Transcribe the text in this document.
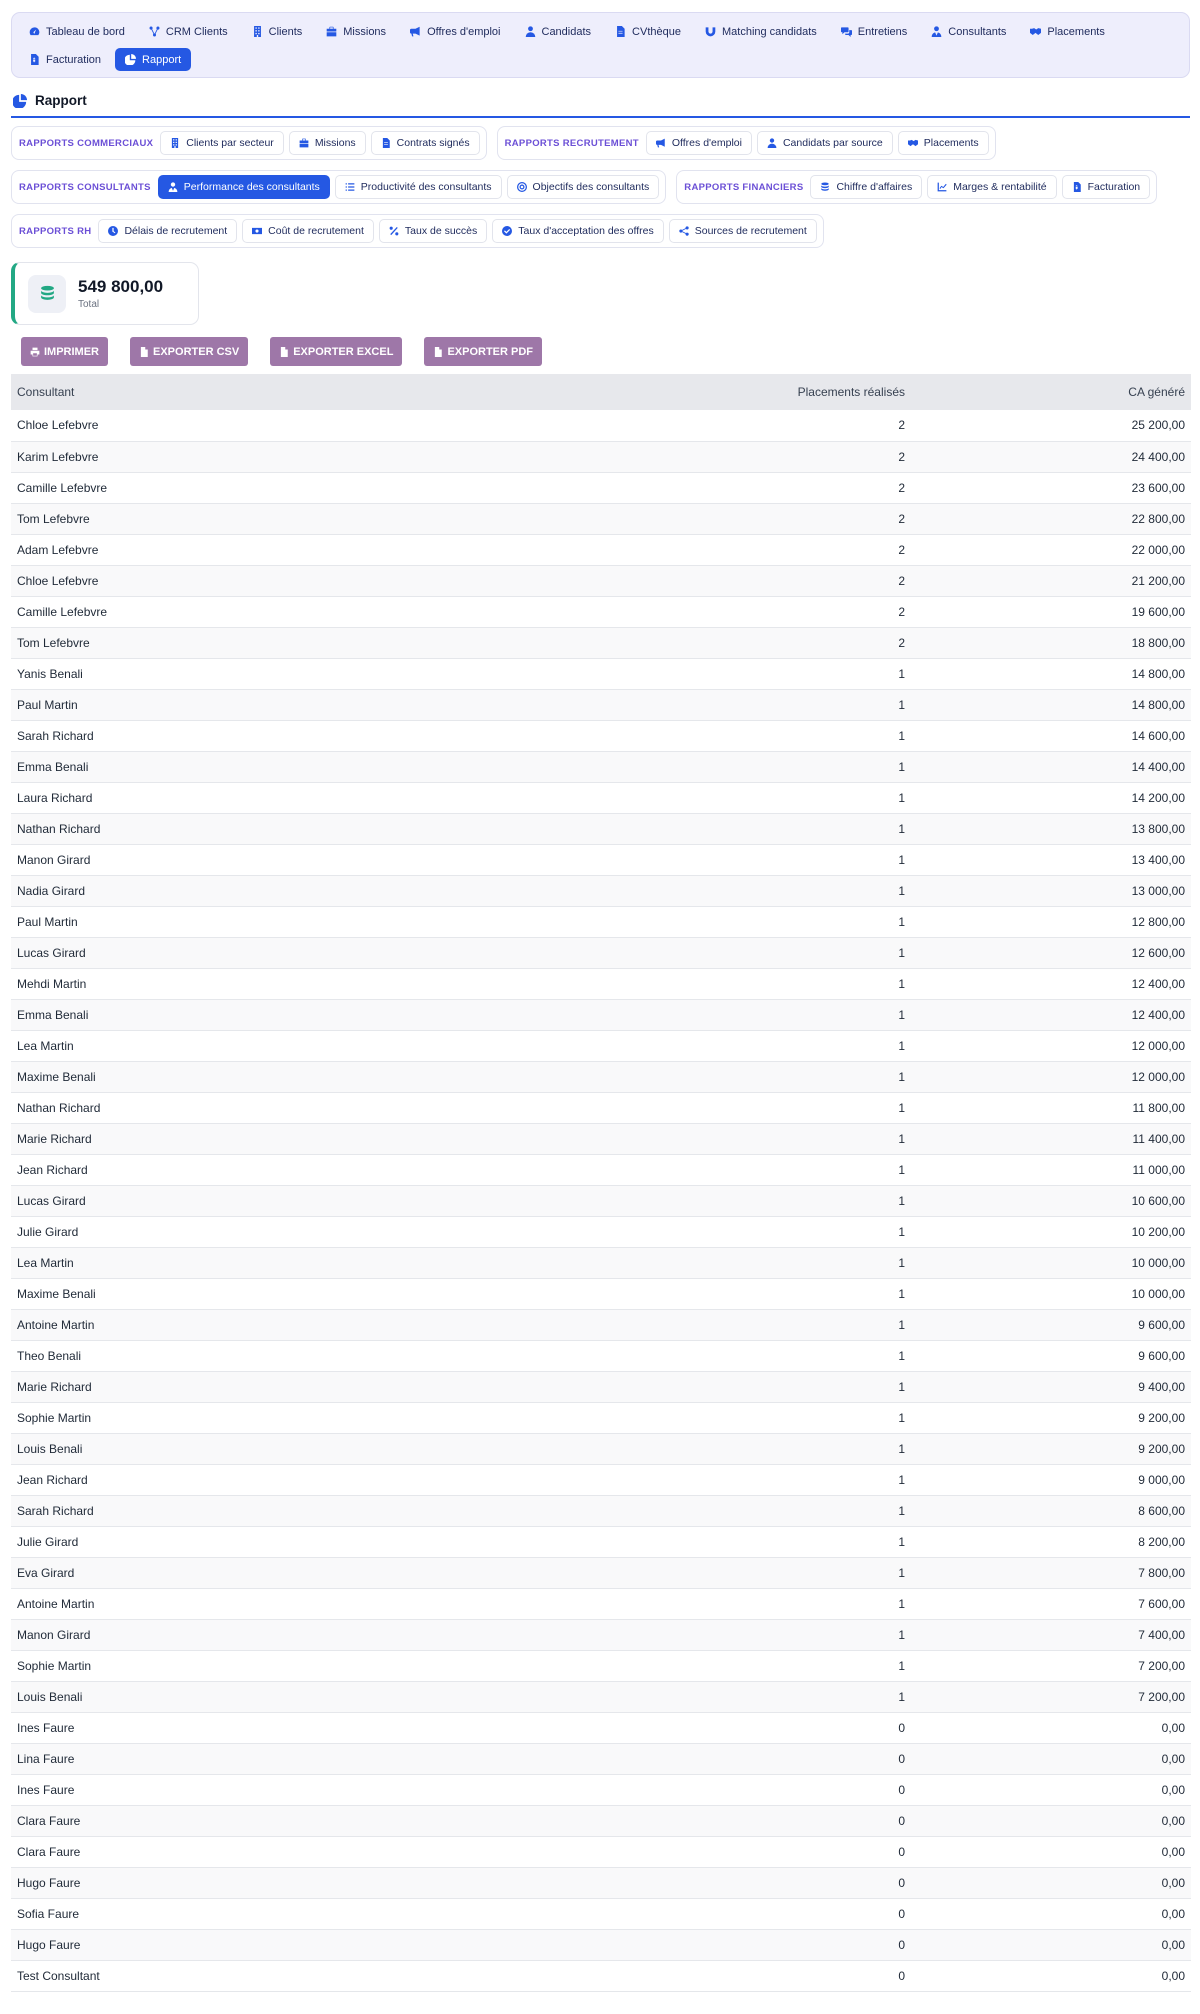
Tableau de bord	CRM Clients	Clients	Missions	Offres d'emploi	Candidats	CVthèque	Matching candidats	Entretiens	Consultants	Placements
Facturation	Rapport
Rapport
RAPPORTS COMMERCIAUX	Clients par secteur	Missions	Contrats signés	RAPPORTS RECRUTEMENT	Offres d'emploi	Candidats par source	Placements
RAPPORTS CONSULTANTS	Performance des consultants	Productivité des consultants	Objectifs des consultants	RAPPORTS FINANCIERS	Chiffre d'affaires	Marges & rentabilité	Facturation
RAPPORTS RH	Délais de recrutement	Coût de recrutement	Taux de succès	Taux d'acceptation des offres	Sources de recrutement
549 800,00
Total
IMPRIMER	EXPORTER CSV	EXPORTER EXCEL	EXPORTER PDF
Consultant	Placements réalisés	CA généré
Chloe Lefebvre	2	25 200,00
Karim Lefebvre	2	24 400,00
Camille Lefebvre	2	23 600,00
Tom Lefebvre	2	22 800,00
Adam Lefebvre	2	22 000,00
Chloe Lefebvre	2	21 200,00
Camille Lefebvre	2	19 600,00
Tom Lefebvre	2	18 800,00
Yanis Benali	1	14 800,00
Paul Martin	1	14 800,00
Sarah Richard	1	14 600,00
Emma Benali	1	14 400,00
Laura Richard	1	14 200,00
Nathan Richard	1	13 800,00
Manon Girard	1	13 400,00
Nadia Girard	1	13 000,00
Paul Martin	1	12 800,00
Lucas Girard	1	12 600,00
Mehdi Martin	1	12 400,00
Emma Benali	1	12 400,00
Lea Martin	1	12 000,00
Maxime Benali	1	12 000,00
Nathan Richard	1	11 800,00
Marie Richard	1	11 400,00
Jean Richard	1	11 000,00
Lucas Girard	1	10 600,00
Julie Girard	1	10 200,00
Lea Martin	1	10 000,00
Maxime Benali	1	10 000,00
Antoine Martin	1	9 600,00
Theo Benali	1	9 600,00
Marie Richard	1	9 400,00
Sophie Martin	1	9 200,00
Louis Benali	1	9 200,00
Jean Richard	1	9 000,00
Sarah Richard	1	8 600,00
Julie Girard	1	8 200,00
Eva Girard	1	7 800,00
Antoine Martin	1	7 600,00
Manon Girard	1	7 400,00
Sophie Martin	1	7 200,00
Louis Benali	1	7 200,00
Ines Faure	0	0,00
Lina Faure	0	0,00
Ines Faure	0	0,00
Clara Faure	0	0,00
Clara Faure	0	0,00
Hugo Faure	0	0,00
Sofia Faure	0	0,00
Hugo Faure	0	0,00
Test Consultant	0	0,00
